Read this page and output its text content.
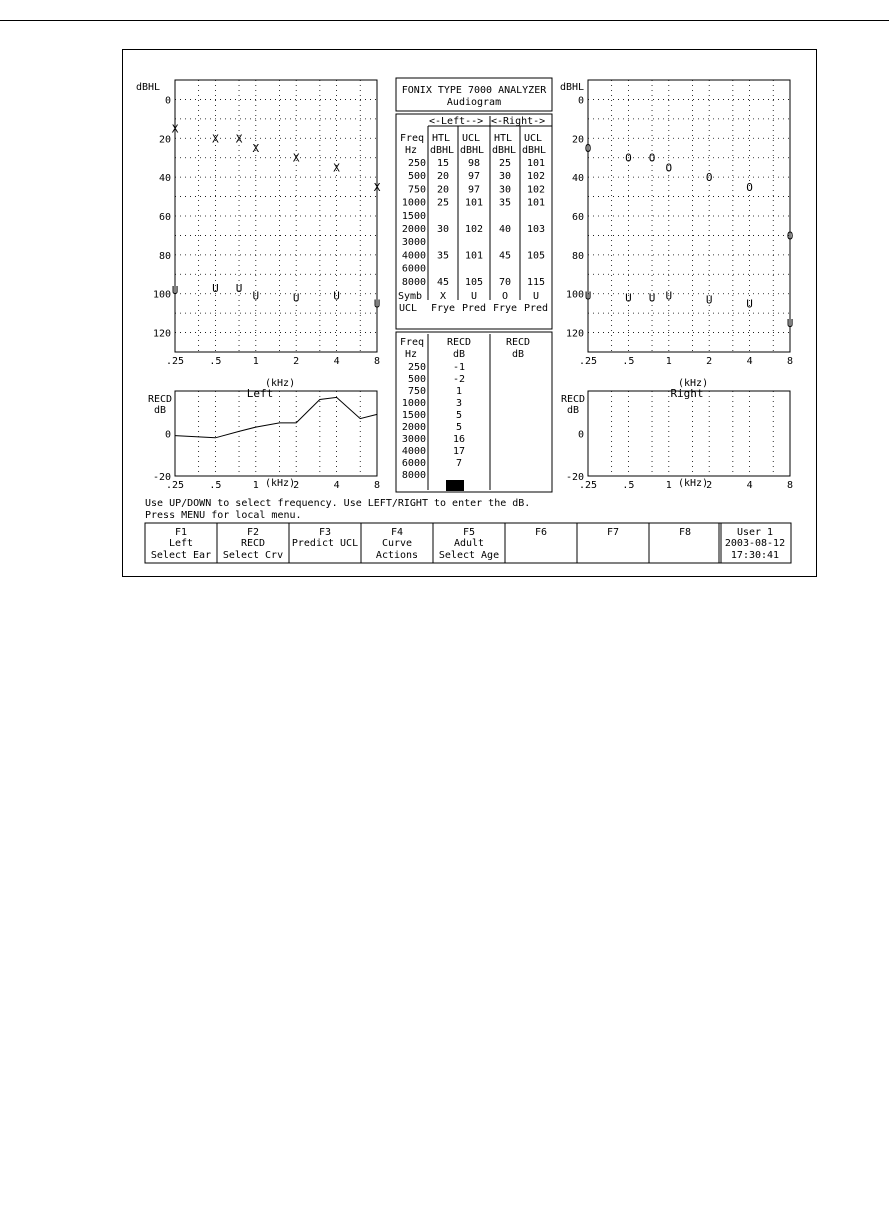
dBHL
0
20
40
60
80
100
120
.25	.5	1	2	4	8
(kHz)
Left
X
X X
X
X
X
X
U	U U
U	U	U
U
RECD
dB
0
-20
.25	.5	1	2	4	8
(kHz)
dBHL
0
20
40
60
80
100
120
.25	.5	1	2	4	8
(kHz)
Right
O
O O
O
O
O
O
U	U U U	U	U
U
RECD
dB
0
-20
.25	.5	1	2	4	8
(kHz)
FONIX TYPE 7000 ANALYZER
Audiogram
<-Left--> <-Right->
Freq
Hz
HTL UCL HTL UCL
dBHL dBHL dBHL dBHL
250 15 98 25 101
500 20 97 30 102
750 20 97 30 102
1000 25 101 35 101
1500
2000 30 102 40 103
3000
4000 35 101 45 105
6000
8000 45 105 70 115
Symb X U O U
UCL Frye Pred Frye Pred
Freq
Hz
RECD
dB
RECD
dB
250	-1
500	-2
750	1
1000	3
1500	5
2000	5
3000	16
4000	17
6000	7
8000
Use UP/DOWN to select frequency. Use LEFT/RIGHT to enter the dB.
Press MENU for local menu.
F1
Left
Select Ear
F2
RECD
Select Crv
F3
Predict UCL
F4
Curve
Actions
F5
Adult
Select Age
F6	F7	F8	User 1
2003-08-12
17:30:41
